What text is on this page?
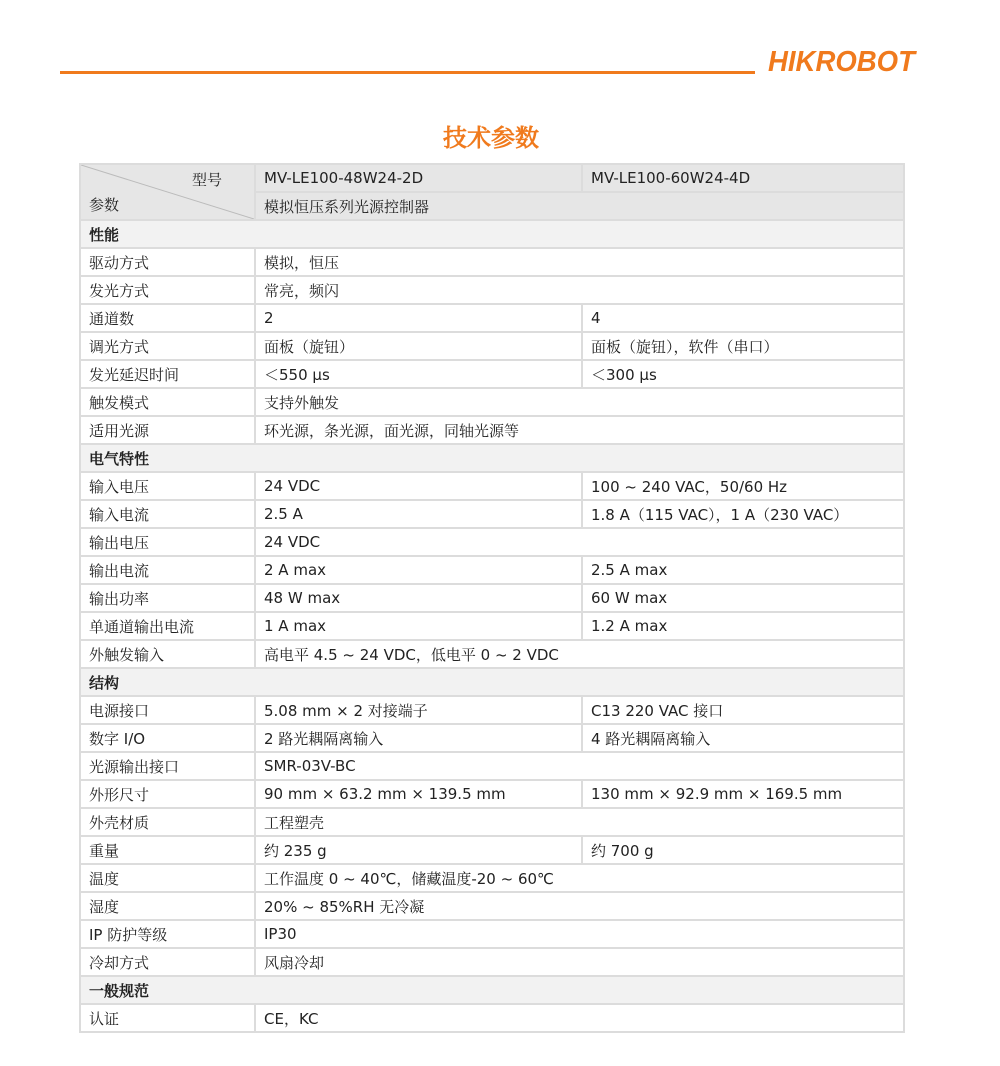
HIKROBOT
技术参数
型号
参数	MV-LE100-48W24-2D	MV-LE100-60W24-4D
	模拟恒压系列光源控制器	
性能		
驱动方式	模拟，恒压	
发光方式	常亮，频闪	
通道数	2	4
调光方式	面板（旋钮）	面板（旋钮），软件（串口）
发光延迟时间	＜550 μs	＜300 μs
触发模式	支持外触发	
适用光源	环光源，条光源，面光源，同轴光源等	
电气特性		
输入电压	24 VDC	100 ~ 240 VAC，50/60 Hz
输入电流	2.5 A	1.8 A（115 VAC），1 A（230 VAC）
输出电压	24 VDC	
输出电流	2 A max	2.5 A max
输出功率	48 W max	60 W max
单通道输出电流	1 A max	1.2 A max
外触发输入	高电平 4.5 ~ 24 VDC，低电平 0 ~ 2 VDC	
结构		
电源接口	5.08 mm × 2 对接端子	C13 220 VAC 接口
数字 I/O	2 路光耦隔离输入	4 路光耦隔离输入
光源输出接口	SMR-03V-BC	
外形尺寸	90 mm × 63.2 mm × 139.5 mm	130 mm × 92.9 mm × 169.5 mm
外壳材质	工程塑壳	
重量	约 235 g	约 700 g
温度	工作温度 0 ~ 40℃，储藏温度-20 ~ 60℃	
湿度	20% ~ 85%RH 无冷凝	
IP 防护等级	IP30	
冷却方式	风扇冷却	
一般规范		
认证	CE，KC	
